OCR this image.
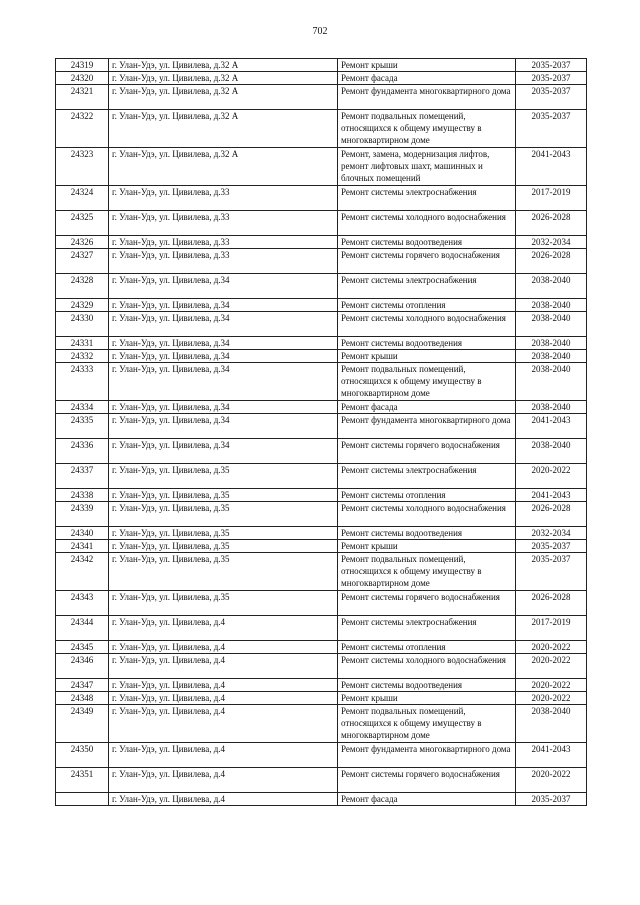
702
24319	г. Улан-Удэ, ул. Цивилева, д.32 А	Ремонт крыши	2035-2037
24320	г. Улан-Удэ, ул. Цивилева, д.32 А	Ремонт фасада	2035-2037
24321	г. Улан-Удэ, ул. Цивилева, д.32 А	Ремонт фундамента многоквартирного дома	2035-2037
24322	г. Улан-Удэ, ул. Цивилева, д.32 А	Ремонт подвальных помещений, относящихся к общему имуществу в многоквартирном доме	2035-2037
24323	г. Улан-Удэ, ул. Цивилева, д.32 А	Ремонт, замена, модернизация лифтов, ремонт лифтовых шахт, машинных и блочных помещений	2041-2043
24324	г. Улан-Удэ, ул. Цивилева, д.33	Ремонт системы электроснабжения	2017-2019
24325	г. Улан-Удэ, ул. Цивилева, д.33	Ремонт системы холодного водоснабжения	2026-2028
24326	г. Улан-Удэ, ул. Цивилева, д.33	Ремонт системы водоотведения	2032-2034
24327	г. Улан-Удэ, ул. Цивилева, д.33	Ремонт системы горячего водоснабжения	2026-2028
24328	г. Улан-Удэ, ул. Цивилева, д.34	Ремонт системы электроснабжения	2038-2040
24329	г. Улан-Удэ, ул. Цивилева, д.34	Ремонт системы отопления	2038-2040
24330	г. Улан-Удэ, ул. Цивилева, д.34	Ремонт системы холодного водоснабжения	2038-2040
24331	г. Улан-Удэ, ул. Цивилева, д.34	Ремонт системы водоотведения	2038-2040
24332	г. Улан-Удэ, ул. Цивилева, д.34	Ремонт крыши	2038-2040
24333	г. Улан-Удэ, ул. Цивилева, д.34	Ремонт подвальных помещений, относящихся к общему имуществу в многоквартирном доме	2038-2040
24334	г. Улан-Удэ, ул. Цивилева, д.34	Ремонт фасада	2038-2040
24335	г. Улан-Удэ, ул. Цивилева, д.34	Ремонт фундамента многоквартирного дома	2041-2043
24336	г. Улан-Удэ, ул. Цивилева, д.34	Ремонт системы горячего водоснабжения	2038-2040
24337	г. Улан-Удэ, ул. Цивилева, д.35	Ремонт системы электроснабжения	2020-2022
24338	г. Улан-Удэ, ул. Цивилева, д.35	Ремонт системы отопления	2041-2043
24339	г. Улан-Удэ, ул. Цивилева, д.35	Ремонт системы холодного водоснабжения	2026-2028
24340	г. Улан-Удэ, ул. Цивилева, д.35	Ремонт системы водоотведения	2032-2034
24341	г. Улан-Удэ, ул. Цивилева, д.35	Ремонт крыши	2035-2037
24342	г. Улан-Удэ, ул. Цивилева, д.35	Ремонт подвальных помещений, относящихся к общему имуществу в многоквартирном доме	2035-2037
24343	г. Улан-Удэ, ул. Цивилева, д.35	Ремонт системы горячего водоснабжения	2026-2028
24344	г. Улан-Удэ, ул. Цивилева, д.4	Ремонт системы электроснабжения	2017-2019
24345	г. Улан-Удэ, ул. Цивилева, д.4	Ремонт системы отопления	2020-2022
24346	г. Улан-Удэ, ул. Цивилева, д.4	Ремонт системы холодного водоснабжения	2020-2022
24347	г. Улан-Удэ, ул. Цивилева, д.4	Ремонт системы водоотведения	2020-2022
24348	г. Улан-Удэ, ул. Цивилева, д.4	Ремонт крыши	2020-2022
24349	г. Улан-Удэ, ул. Цивилева, д.4	Ремонт подвальных помещений, относящихся к общему имуществу в многоквартирном доме	2038-2040
24350	г. Улан-Удэ, ул. Цивилева, д.4	Ремонт фундамента многоквартирного дома	2041-2043
24351	г. Улан-Удэ, ул. Цивилева, д.4	Ремонт системы горячего водоснабжения	2020-2022
	г. Улан-Удэ, ул. Цивилева, д.4	Ремонт фасада	2035-2037
